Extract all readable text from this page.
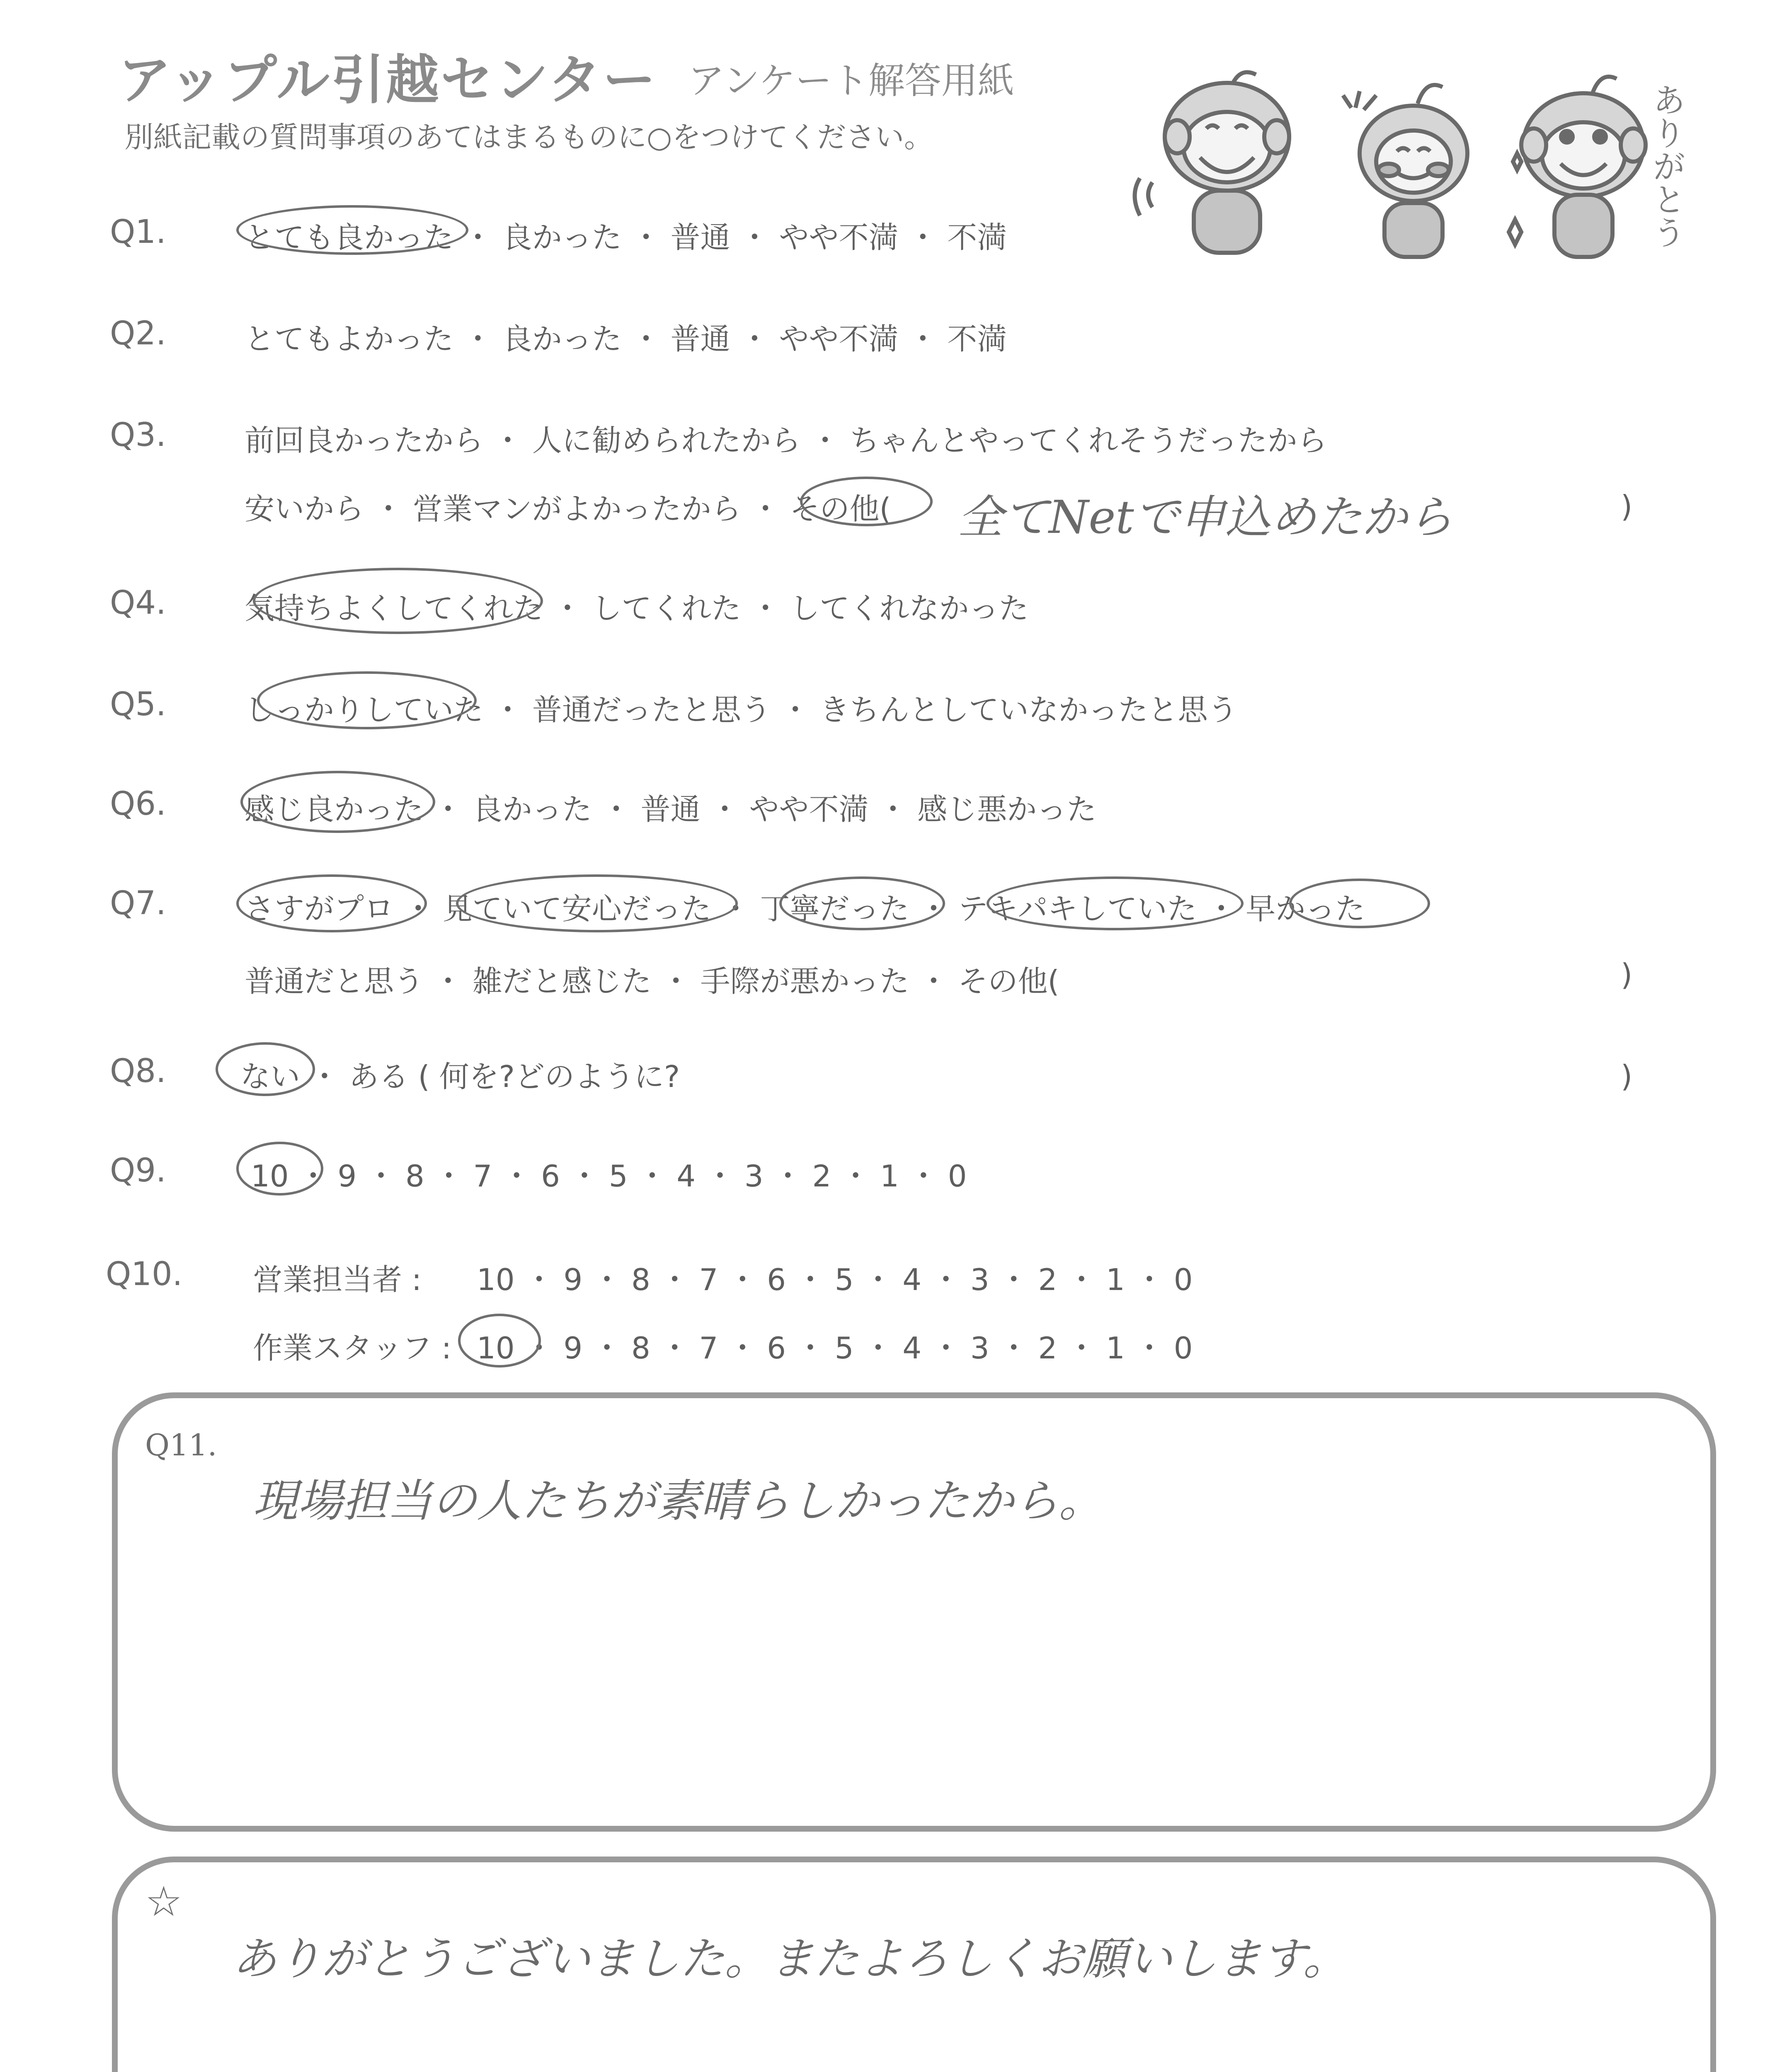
アップル引越センター アンケート解答用紙
別紙記載の質問事項のあてはまるものに○をつけてください。	ありがとう
Q1.	とても良かった ・ 良かった ・ 普通 ・ やや不満 ・ 不満
Q2.	とてもよかった ・ 良かった ・ 普通 ・ やや不満 ・ 不満
Q3.	前回良かったから ・ 人に勧められたから ・ ちゃんとやってくれそうだったから
安いから ・ 営業マンがよかったから ・ その他( 全てNetで申込めたから	)
Q4.	気持ちよくしてくれた ・ してくれた ・ してくれなかった
Q5.	しっかりしていた ・ 普通だったと思う ・ きちんとしていなかったと思う
Q6.	感じ良かった ・ 良かった ・ 普通 ・ やや不満 ・ 感じ悪かった
Q7.	さすがプロ ・ 見ていて安心だった ・ 丁寧だった ・ テキパキしていた ・ 早かった
普通だと思う ・ 雑だと感じた ・ 手際が悪かった ・ その他(	)
Q8. ない ・ ある ( 何を?どのように?	)
Q9.	10 ・ 9 ・ 8 ・ 7 ・ 6 ・ 5 ・ 4 ・ 3 ・ 2 ・ 1 ・ 0
Q10. 営業担当者 : 10 ・ 9 ・ 8 ・ 7 ・ 6 ・ 5 ・ 4 ・ 3 ・ 2 ・ 1 ・ 0
作業スタッフ : 10 ・ 9 ・ 8 ・ 7 ・ 6 ・ 5 ・ 4 ・ 3 ・ 2 ・ 1 ・ 0
Q11.
現場担当の人たちが素晴らしかったから。
☆
ありがとうございました。またよろしくお願いします。
